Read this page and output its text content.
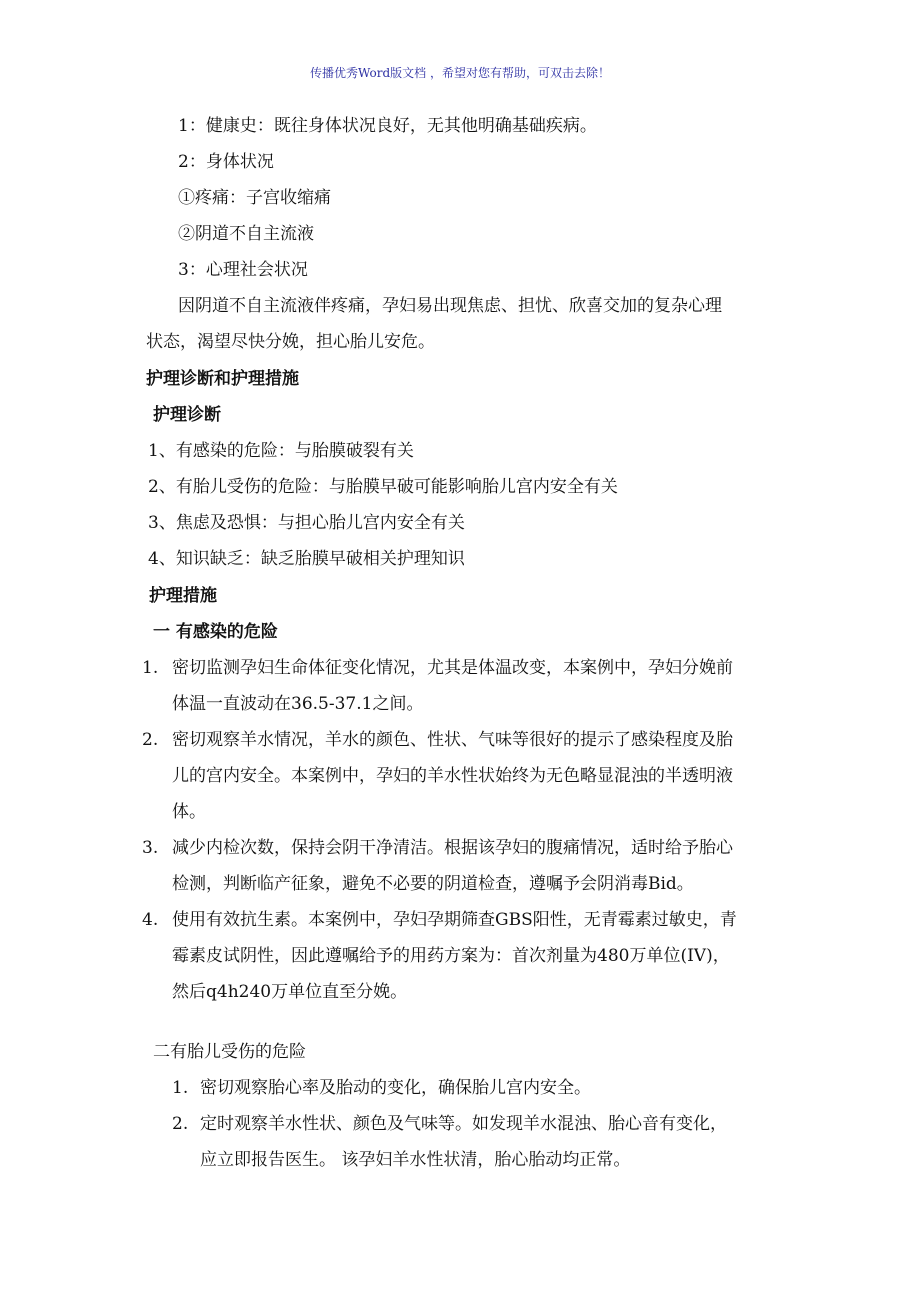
传播优秀Word版文档 ，希望对您有帮助，可双击去除！
1：健康史：既往身体状况良好，无其他明确基础疾病。
2：身体状况
①疼痛：子宫收缩痛
②阴道不自主流液
3：心理社会状况
因阴道不自主流液伴疼痛，孕妇易出现焦虑、担忧、欣喜交加的复杂心理
状态，渴望尽快分娩，担心胎儿安危。
护理诊断和护理措施
护理诊断
1、有感染的危险：与胎膜破裂有关
2、有胎儿受伤的危险：与胎膜早破可能影响胎儿宫内安全有关
3、焦虑及恐惧：与担心胎儿宫内安全有关
4、知识缺乏：缺乏胎膜早破相关护理知识
护理措施
一 有感染的危险
1. 密切监测孕妇生命体征变化情况，尤其是体温改变，本案例中，孕妇分娩前
体温一直波动在36.5-37.1之间。
2. 密切观察羊水情况，羊水的颜色、性状、气味等很好的提示了感染程度及胎
儿的宫内安全。本案例中，孕妇的羊水性状始终为无色略显混浊的半透明液
体。
3. 减少内检次数，保持会阴干净清洁。根据该孕妇的腹痛情况，适时给予胎心
检测，判断临产征象，避免不必要的阴道检查，遵嘱予会阴消毒Bid。
4. 使用有效抗生素。本案例中，孕妇孕期筛查GBS阳性，无青霉素过敏史，青
霉素皮试阴性，因此遵嘱给予的用药方案为：首次剂量为480万单位(IV)，
然后q4h240万单位直至分娩。
二有胎儿受伤的危险
1. 密切观察胎心率及胎动的变化，确保胎儿宫内安全。
2. 定时观察羊水性状、颜色及气味等。如发现羊水混浊、胎心音有变化，
应立即报告医生。 该孕妇羊水性状清，胎心胎动均正常。
